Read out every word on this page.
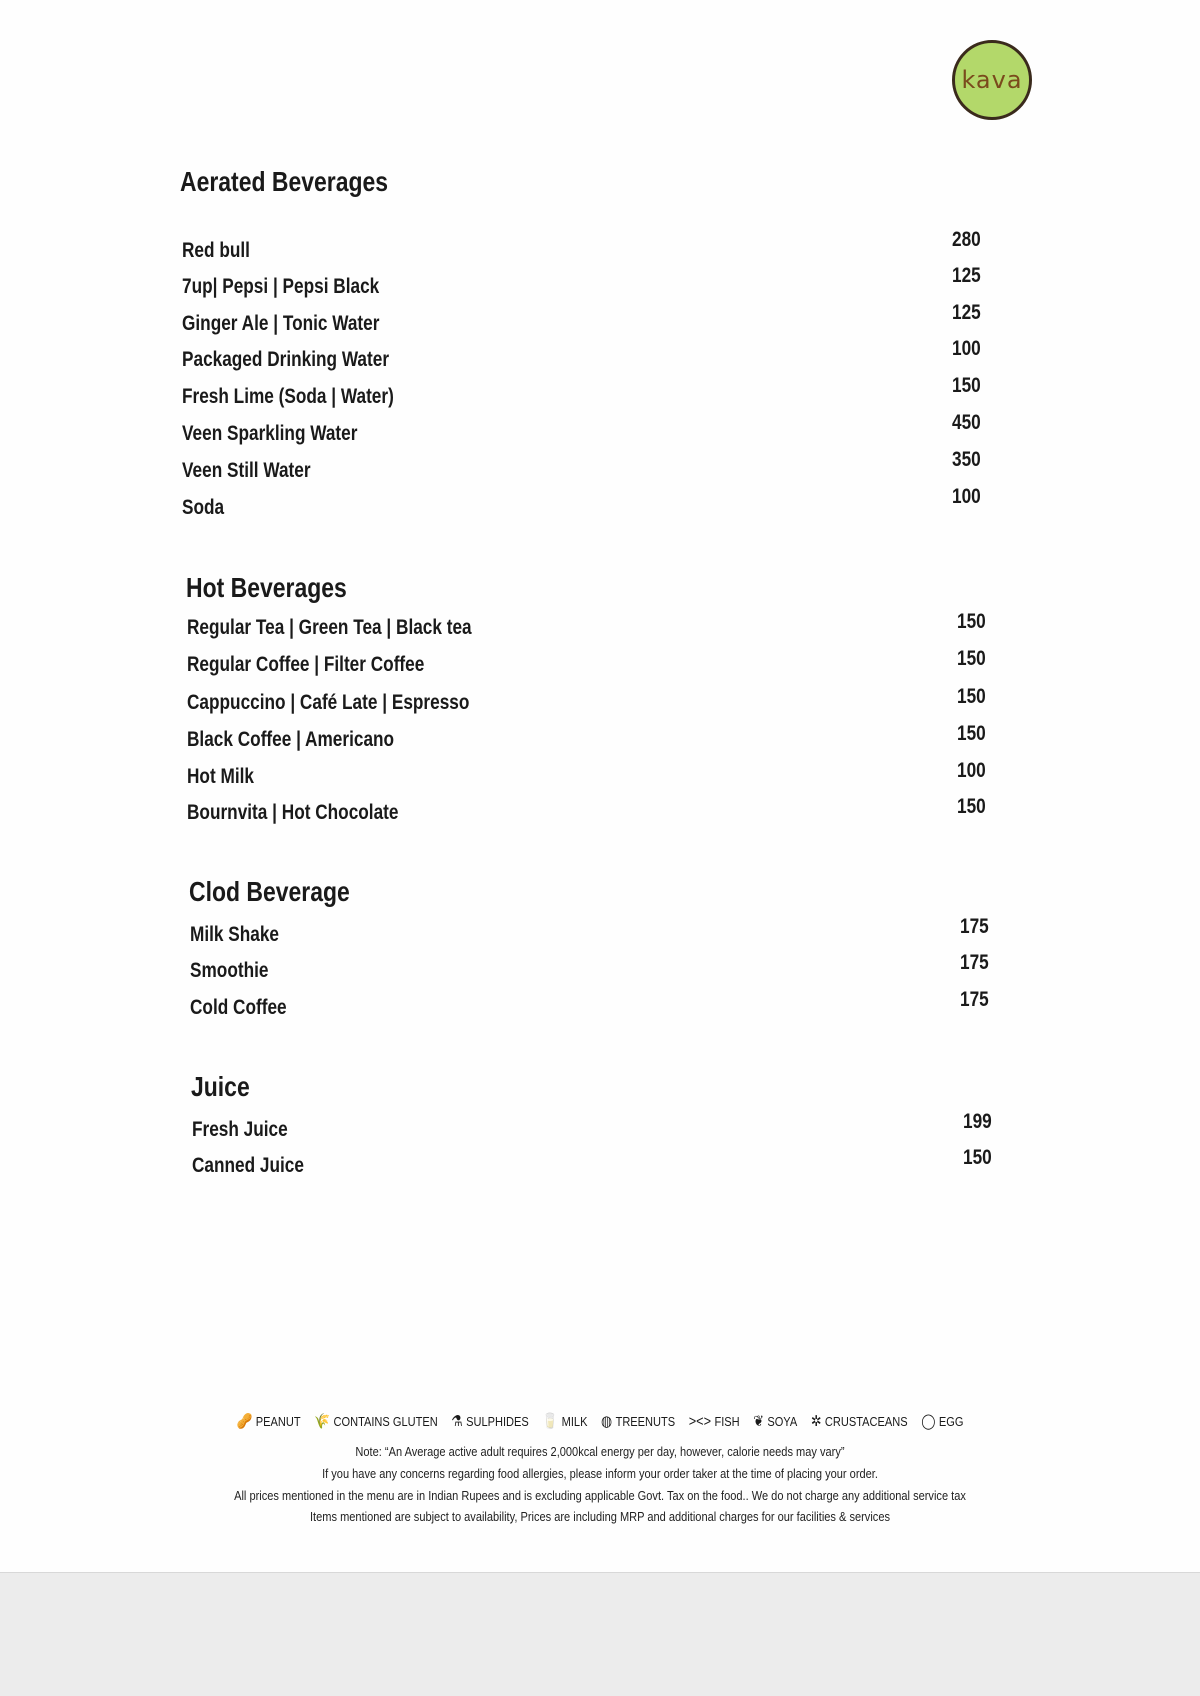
kava
Aerated Beverages
Red bull	280
7up| Pepsi | Pepsi Black	125
Ginger Ale | Tonic Water	125
Packaged Drinking Water	100
Fresh Lime (Soda | Water)	150
Veen Sparkling Water	450
Veen Still Water	350
Soda	100
Hot Beverages
Regular Tea | Green Tea | Black tea	150
Regular Coffee | Filter Coffee	150
Cappuccino | Café Late | Espresso	150
Black Coffee | Americano	150
Hot Milk	100
Bournvita | Hot Chocolate	150
Clod Beverage
Milk Shake	175
Smoothie	175
Cold Coffee	175
Juice
Fresh Juice	199
Canned Juice	150
🥜 PEANUT 🌾 CONTAINS GLUTEN ⚗ SULPHIDES 🥛 MILK ◍ TREENUTS ><> FISH ❦ SOYA ✲ CRUSTACEANS ◯ EGG
Note: “An Average active adult requires 2,000kcal energy per day, however, calorie needs may vary”
If you have any concerns regarding food allergies, please inform your order taker at the time of placing your order.
All prices mentioned in the menu are in Indian Rupees and is excluding applicable Govt. Tax on the food.. We do not charge any additional service tax
Items mentioned are subject to availability, Prices are including MRP and additional charges for our facilities & services
